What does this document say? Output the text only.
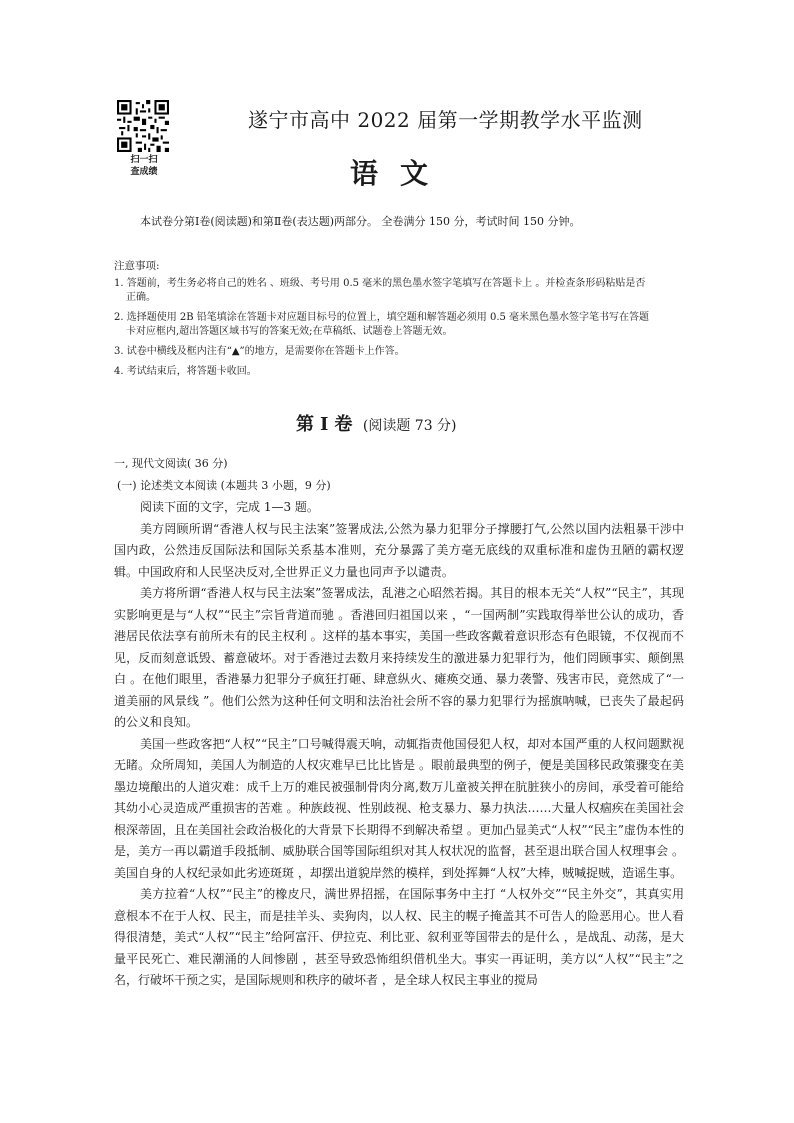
扫一扫
查成绩
遂宁市高中 2022 届第一学期教学水平监测
语文
本试卷分第Ⅰ卷(阅读题)和第Ⅱ卷(表达题)两部分。 全卷满分 150 分，考试时间 150 分钟。
注意事项:
1. 答题前，考生务必将自己的姓名 、班级、考号用 0.5 毫米的黑色墨水签字笔填写在答题卡上 。并检查条形码粘贴是否
正确。
2. 选择题使用 2B 铅笔填涂在答题卡对应题目标号的位置上，填空题和解答题必须用 0.5 毫米黑色墨水签字笔书写在答题
卡对应框内,超出答题区域书写的答案无效;在草稿纸、试题卷上答题无效。
3. 试卷中横线及框内注有“▲”的地方，是需要你在答题卡上作答。
4. 考试结束后，将答题卡收回。
第Ⅰ卷 (阅读题 73 分)
一, 现代文阅读( 36 分)
(一) 论述类文本阅读 (本题共 3 小题，9 分)

阅读下面的文字，完成 1—3 题。

美方罔顾所谓“香港人权与民主法案”签署成法,公然为暴力犯罪分子撑腰打气,公然以国内法粗暴干涉中国内政，公然违反国际法和国际关系基本准则，充分暴露了美方毫无底线的双重标准和虚伪丑陋的霸权逻辑。中国政府和人民坚决反对,全世界正义力量也同声予以谴责。

美方将所谓“香港人权与民主法案”签署成法，乱港之心昭然若揭。其目的根本无关“人权”“民主”，其现实影响更是与“人权”“民主”宗旨背道而驰 。香港回归祖国以来 ，“一国两制”实践取得举世公认的成功，香港居民依法享有前所未有的民主权利 。这样的基本事实，美国一些政客戴着意识形态有色眼镜，不仅视而不见，反而刻意诋毁、蓄意破坏。对于香港过去数月来持续发生的激进暴力犯罪行为，他们罔顾事实、颠倒黑白 。在他们眼里，香港暴力犯罪分子疯狂打砸、肆意纵火、瘫痪交通、暴力袭警、残害市民，竟然成了“一道美丽的风景线 ”。他们公然为这种任何文明和法治社会所不容的暴力犯罪行为摇旗呐喊，已丧失了最起码的公义和良知。

美国一些政客把“人权”“民主”口号喊得震天响，动辄指责他国侵犯人权，却对本国严重的人权问题默视无睹。众所周知，美国人为制造的人权灾难早已比比皆是 。眼前最典型的例子，便是美国移民政策骤变在美墨边境酿出的人道灾难：成千上万的难民被强制骨肉分离,数万儿童被关押在肮脏狭小的房间，承受着可能给其幼小心灵造成严重损害的苦难 。种族歧视、性别歧视、枪支暴力、暴力执法……大量人权痼疾在美国社会根深蒂固，且在美国社会政治极化的大背景下长期得不到解决希望 。更加凸显美式“人权”“民主”虚伪本性的是，美方一再以霸道手段抵制、威胁联合国等国际组织对其人权状况的监督，甚至退出联合国人权理事会 。美国自身的人权纪录如此劣迹斑斑 ，却摆出道貌岸然的模样，到处挥舞“人权”大棒，贼喊捉贼，造谣生事。

美方拉着“人权”“民主”的橡皮尺，满世界招摇，在国际事务中主打 “人权外交”“民主外交”，其真实用意根本不在于人权、民主，而是挂羊头、卖狗肉，以人权、民主的幌子掩盖其不可告人的险恶用心。世人看得很清楚，美式“人权”“民主”给阿富汗、伊拉克、利比亚、叙利亚等国带去的是什么 ，是战乱、动荡，是大量平民死亡、难民潮涌的人间惨剧 ，甚至导致恐怖组织借机坐大。事实一再证明，美方以“人权”“民主”之名，行破坏干预之实，是国际规则和秩序的破坏者 ，是全球人权民主事业的搅局
